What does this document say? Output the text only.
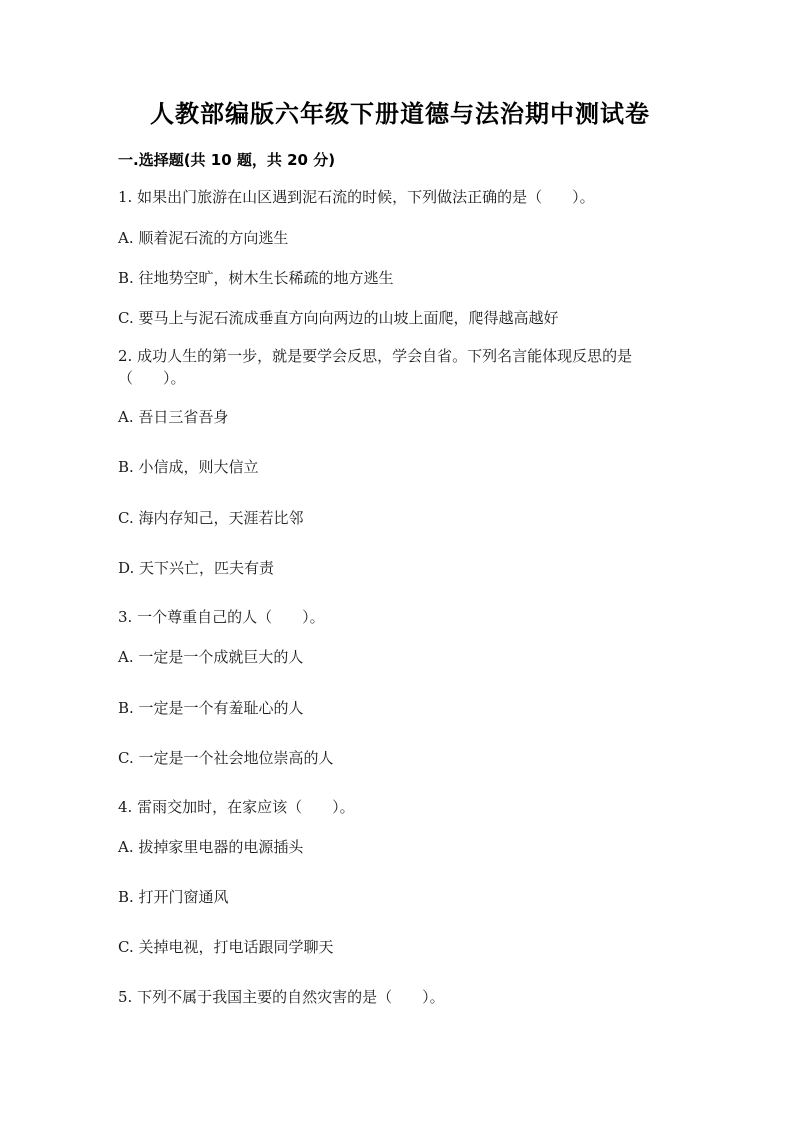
人教部编版六年级下册道德与法治期中测试卷
一.选择题(共 10 题，共 20 分)
1. 如果出门旅游在山区遇到泥石流的时候，下列做法正确的是（　　）。
A. 顺着泥石流的方向逃生
B. 往地势空旷，树木生长稀疏的地方逃生
C. 要马上与泥石流成垂直方向向两边的山坡上面爬，爬得越高越好
2. 成功人生的第一步，就是要学会反思，学会自省。下列名言能体现反思的是
（　　）。
A. 吾日三省吾身
B. 小信成，则大信立
C. 海内存知己，天涯若比邻
D. 天下兴亡，匹夫有责
3. 一个尊重自己的人（　　）。
A. 一定是一个成就巨大的人
B. 一定是一个有羞耻心的人
C. 一定是一个社会地位崇高的人
4. 雷雨交加时，在家应该（　　）。
A. 拔掉家里电器的电源插头
B. 打开门窗通风
C. 关掉电视，打电话跟同学聊天
5. 下列不属于我国主要的自然灾害的是（　　）。
